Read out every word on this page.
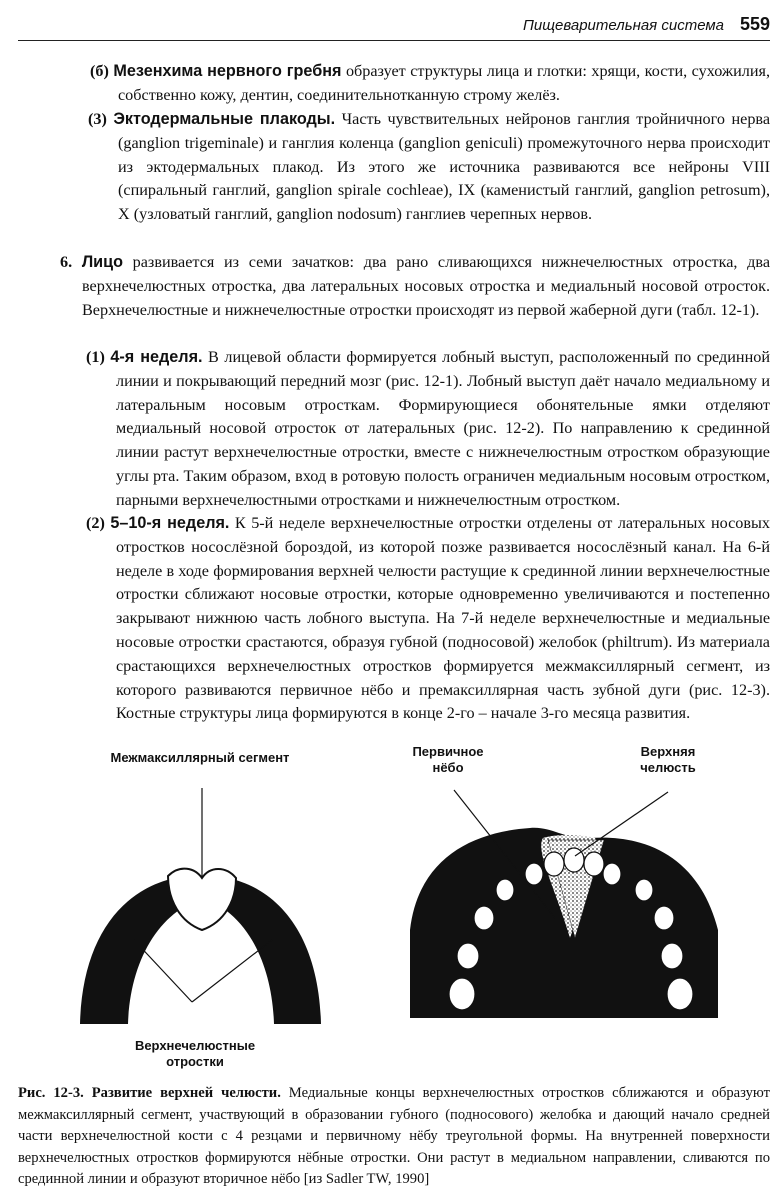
Пищеварительная система 559

(б) Мезенхима нервного гребня образует структуры лица и глотки: хрящи, кости, сухожилия, собственно кожу, дентин, соединительнотканную строму желёз.

(3) Эктодермальные плакоды. Часть чувствительных нейронов ганглия тройничного нерва (ganglion trigeminale) и ганглия коленца (ganglion geniculi) промежуточного нерва происходит из эктодермальных плакод. Из этого же источника развиваются все нейроны VIII (спиральный ганглий, ganglion spirale cochleae), IX (каменистый ганглий, ganglion petrosum), X (узловатый ганглий, ganglion nodosum) ганглиев черепных нервов.

6. Лицо развивается из семи зачатков: два рано сливающихся нижнечелюстных отростка, два верхнечелюстных отростка, два латеральных носовых отростка и медиальный носовой отросток. Верхнечелюстные и нижнечелюстные отростки происходят из первой жаберной дуги (табл. 12-1).

(1) 4-я неделя. В лицевой области формируется лобный выступ, расположенный по срединной линии и покрывающий передний мозг (рис. 12-1). Лобный выступ даёт начало медиальному и латеральным носовым отросткам. Формирующиеся обонятельные ямки отделяют медиальный носовой отросток от латеральных (рис. 12-2). По направлению к срединной линии растут верхнечелюстные отростки, вместе с нижнечелюстным отростком образующие углы рта. Таким образом, вход в ротовую полость ограничен медиальным носовым отростком, парными верхнечелюстными отростками и нижнечелюстным отростком.

(2) 5–10-я неделя. К 5-й неделе верхнечелюстные отростки отделены от латеральных носовых отростков носослёзной бороздой, из которой позже развивается носослёзный канал. На 6-й неделе в ходе формирования верхней челюсти растущие к срединной линии верхнечелюстные отростки сближают носовые отростки, которые одновременно увеличиваются и постепенно закрывают нижнюю часть лобного выступа. На 7-й неделе верхнечелюстные и медиальные носовые отростки срастаются, образуя губной (подносовой) желобок (philtrum). Из материала срастающихся верхнечелюстных отростков формируется межмаксиллярный сегмент, из которого развиваются первичное нёбо и премаксиллярная часть зубной дуги (рис. 12-3). Костные структуры лица формируются в конце 2-го – начале 3-го месяца развития.

Межмаксиллярный сегмент
Верхнечелюстные отростки
Первичное нёбо
Верхняя челюсть

Рис. 12-3. Развитие верхней челюсти. Медиальные концы верхнечелюстных отростков сближаются и образуют межмаксиллярный сегмент, участвующий в образовании губного (подносового) желобка и дающий начало средней части верхнечелюстной кости с 4 резцами и первичному нёбу треугольной формы. На внутренней поверхности верхнечелюстных отростков формируются нёбные отростки. Они растут в медиальном направлении, сливаются по срединной линии и образуют вторичное нёбо [из Sadler TW, 1990]
